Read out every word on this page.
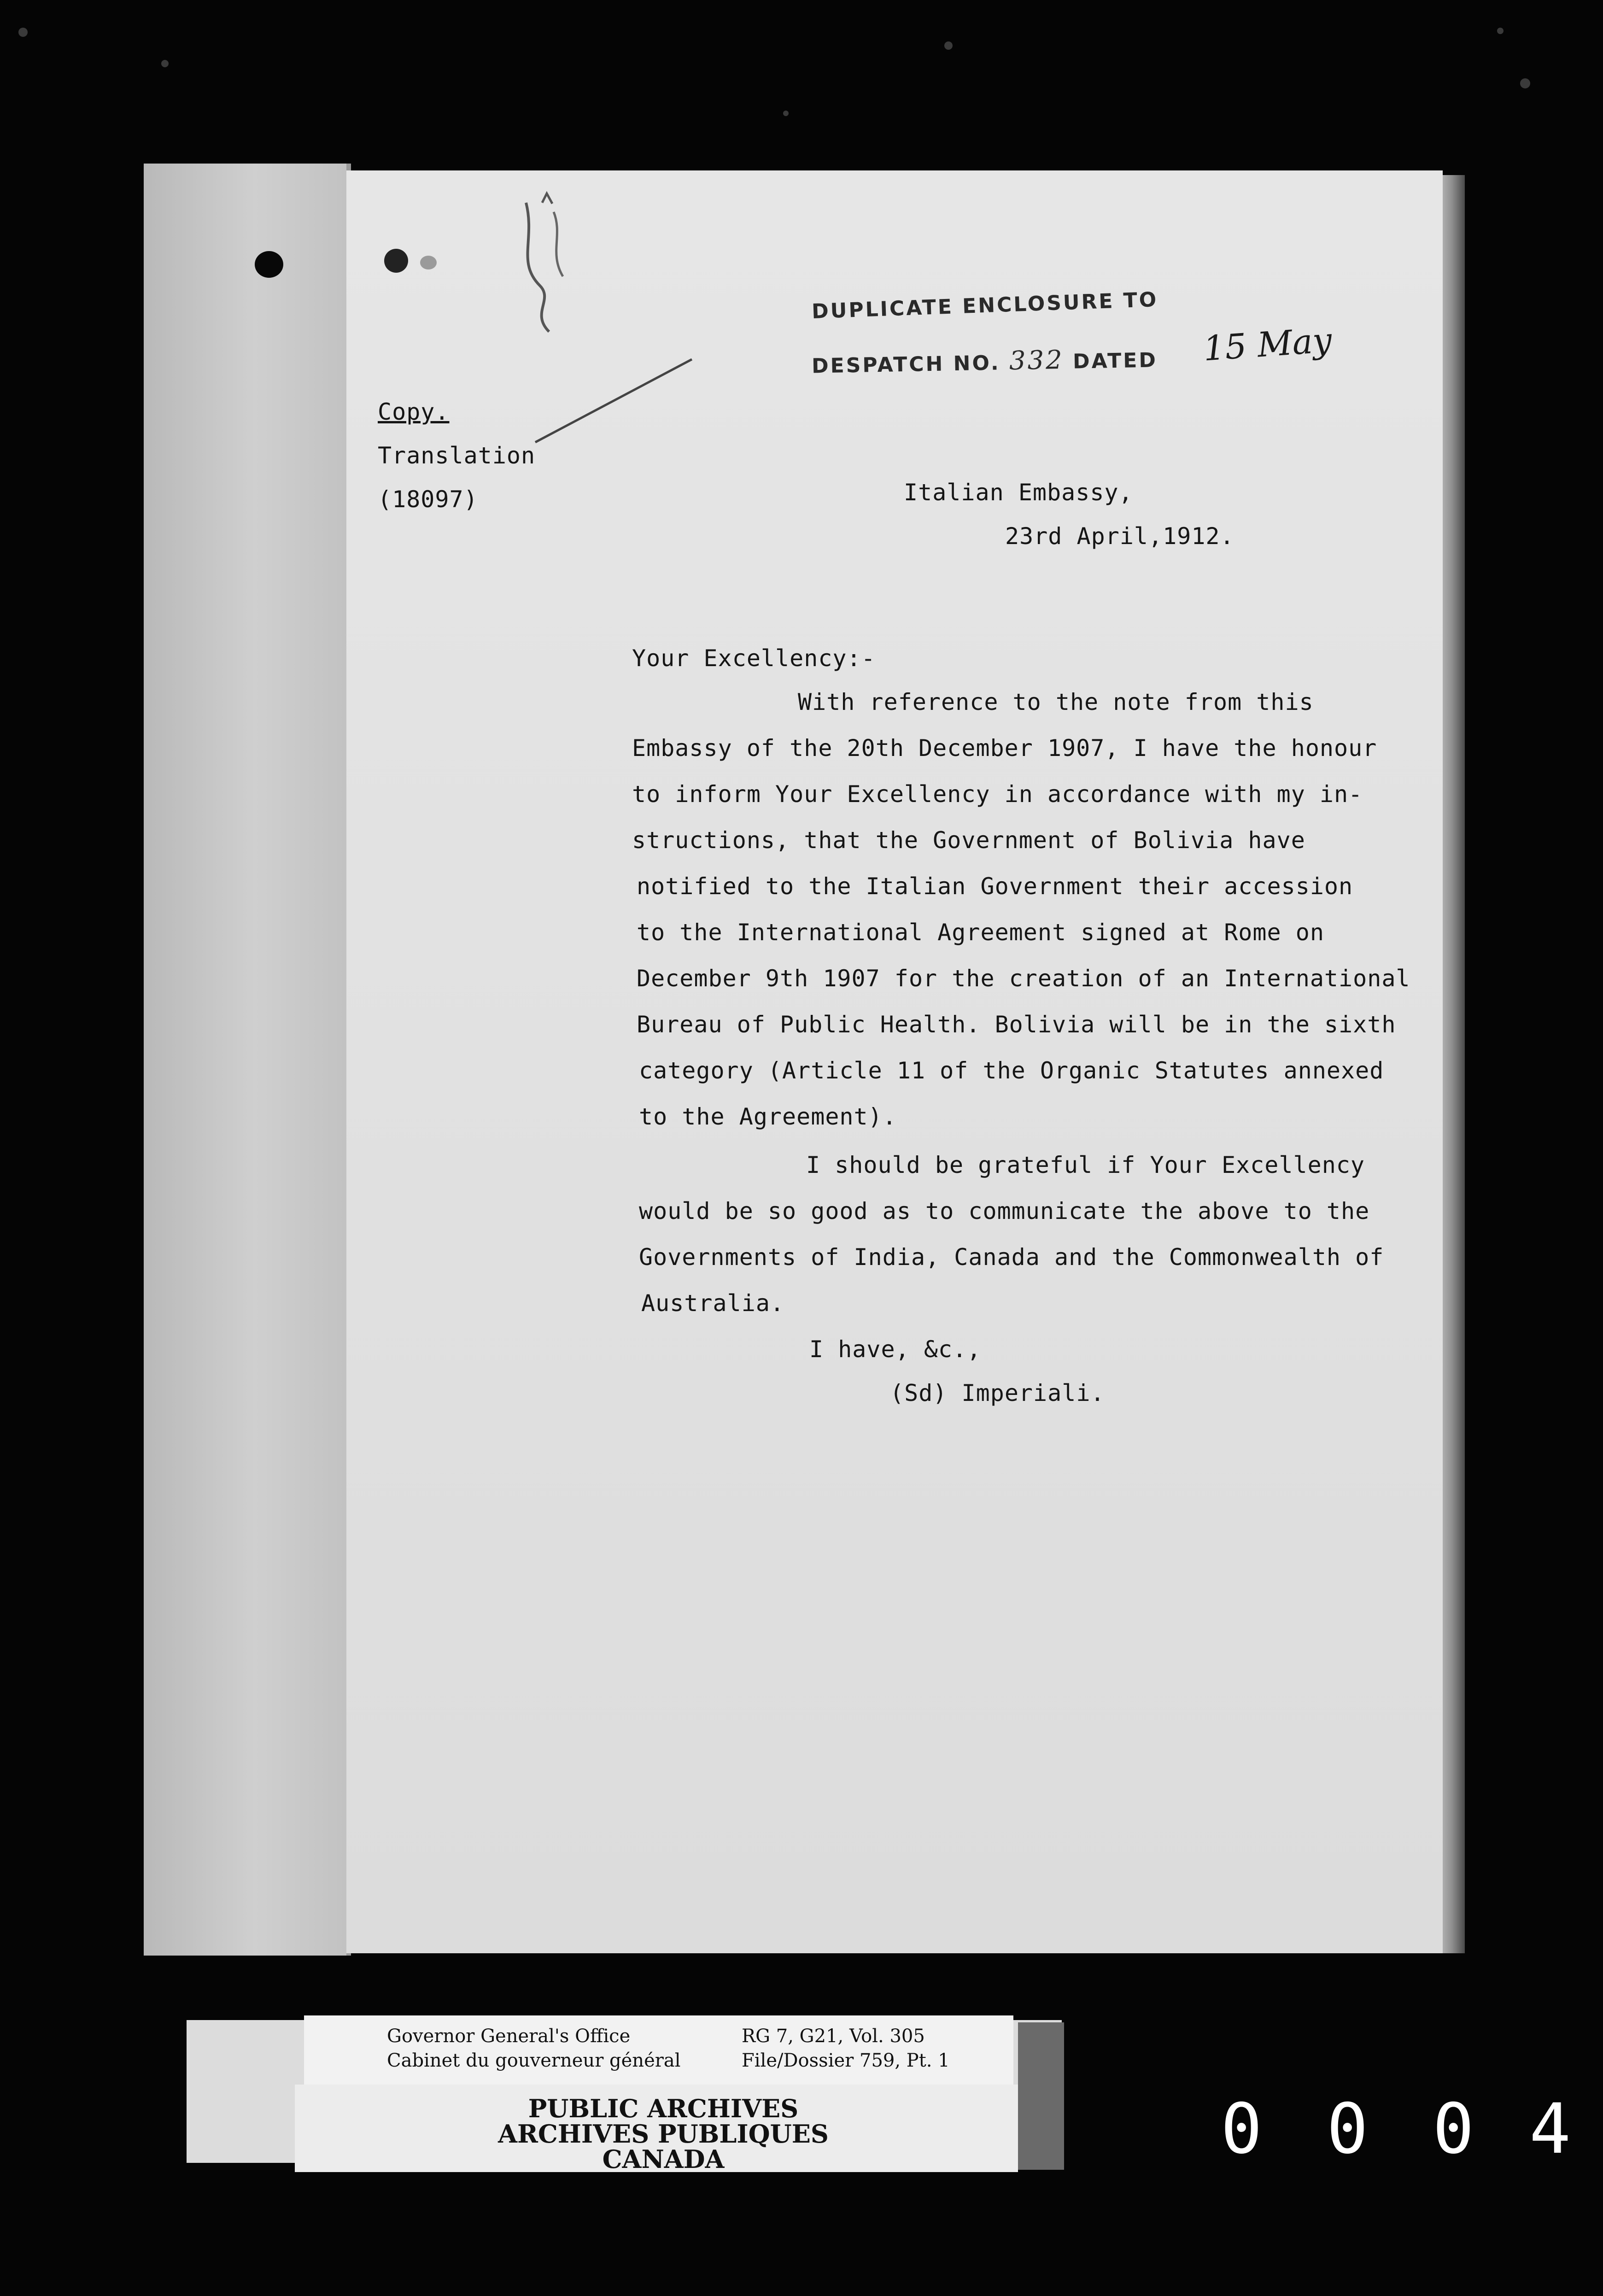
DUPLICATE ENCLOSURE TO
DESPATCH NO. 332 DATED 15 May
Copy.
Translation
(18097)	Italian Embassy,
23rd April,1912.
Your Excellency:-
With reference to the note from this
Embassy of the 20th December 1907, I have the honour
to inform Your Excellency in accordance with my in-
structions, that the Government of Bolivia have
notified to the Italian Government their accession
to the International Agreement signed at Rome on
December 9th 1907 for the creation of an International
Bureau of Public Health. Bolivia will be in the sixth
category (Article 11 of the Organic Statutes annexed
to the Agreement).
I should be grateful if Your Excellency
would be so good as to communicate the above to the
Governments of India, Canada and the Commonwealth of
Australia.
I have, &c.,
(Sd) Imperiali.
Governor General's Office
Cabinet du gouverneur général
RG 7, G21, Vol. 305
File/Dossier 759, Pt. 1
PUBLIC ARCHIVES
ARCHIVES PUBLIQUES
CANADA	0 0 0 4
